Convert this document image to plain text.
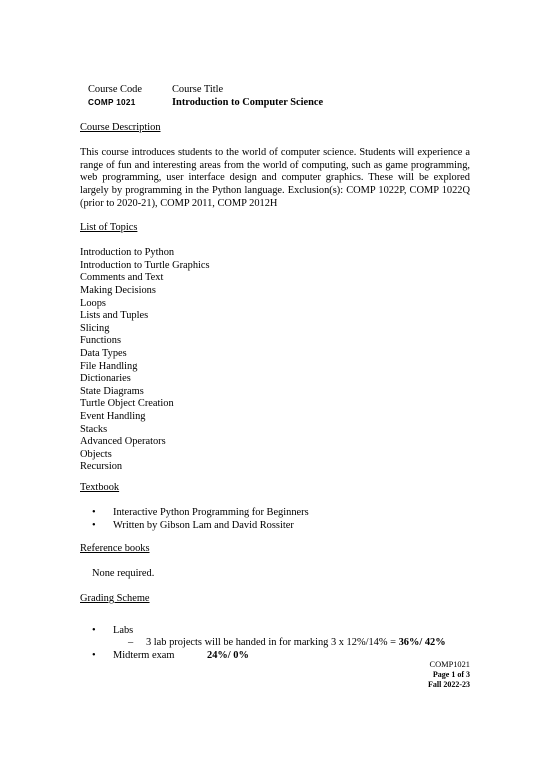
Course Code	Course Title
COMP 1021	Introduction to Computer Science
Course Description
This course introduces students to the world of computer science. Students will experience a range of fun and interesting areas from the world of computing, such as game programming, web programming, user interface design and computer graphics. These will be explored largely by programming in the Python language. Exclusion(s): COMP 1022P, COMP 1022Q (prior to 2020-21), COMP 2011, COMP 2012H
List of Topics
Introduction to Python
Introduction to Turtle Graphics
Comments and Text
Making Decisions
Loops
Lists and Tuples
Slicing
Functions
Data Types
File Handling
Dictionaries
State Diagrams
Turtle Object Creation
Event Handling
Stacks
Advanced Operators
Objects
Recursion
Textbook
• Interactive Python Programming for Beginners
• Written by Gibson Lam and David Rossiter
Reference books
None required.
Grading Scheme
• Labs
– 3 lab projects will be handed in for marking 3 x 12%/14% = 36%/ 42%
• Midterm exam	24%/ 0%
COMP1021
Page 1 of 3
Fall 2022-23
